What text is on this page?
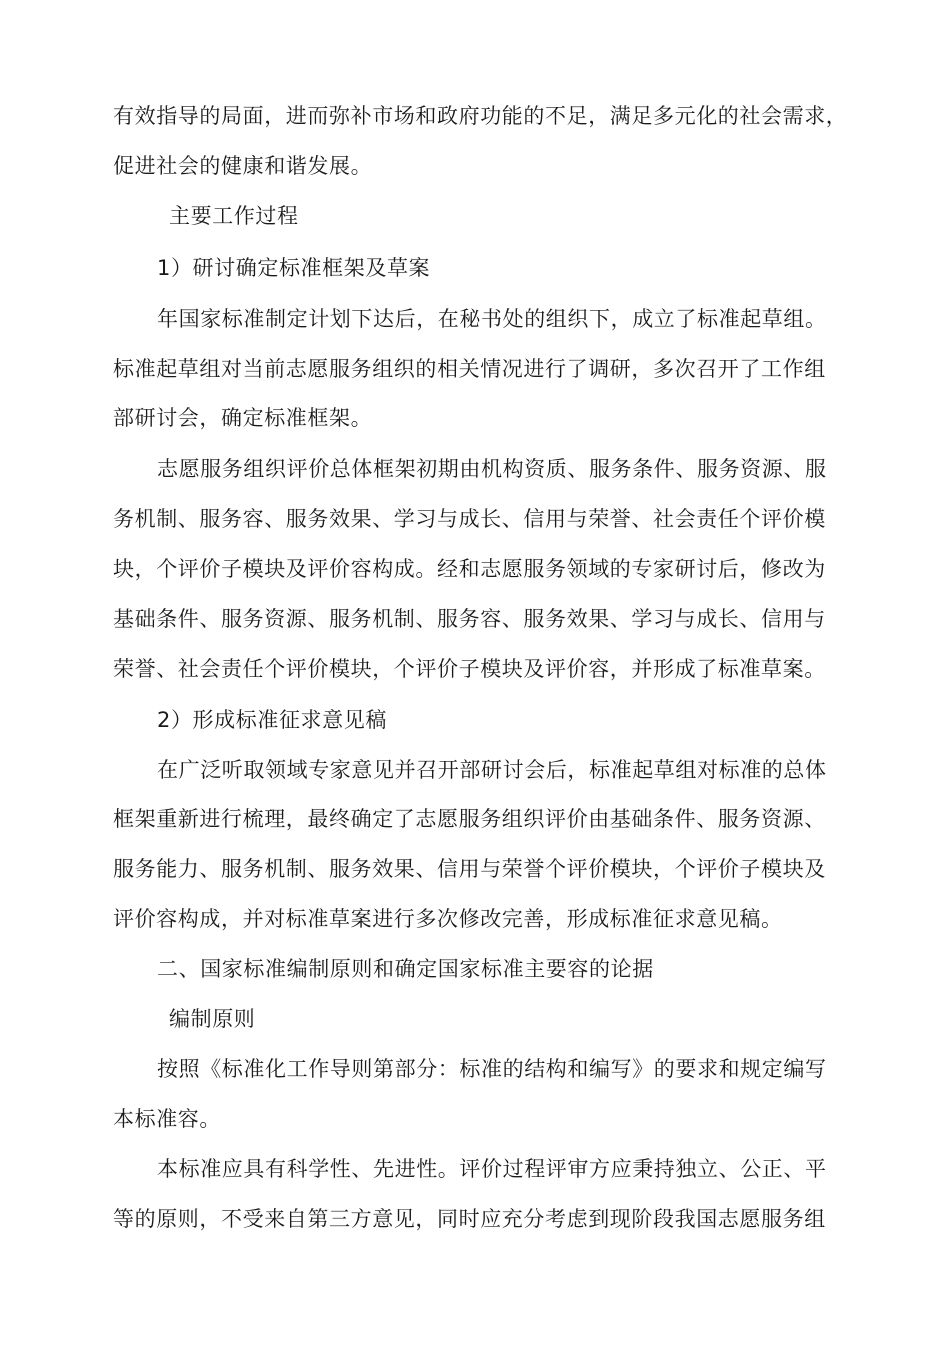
有效指导的局面，进而弥补市场和政府功能的不足，满足多元化的社会需求，
促进社会的健康和谐发展。
主要工作过程
1）研讨确定标准框架及草案
年国家标准制定计划下达后，在秘书处的组织下，成立了标准起草组。
标准起草组对当前志愿服务组织的相关情况进行了调研，多次召开了工作组
部研讨会，确定标准框架。
志愿服务组织评价总体框架初期由机构资质、服务条件、服务资源、服
务机制、服务容、服务效果、学习与成长、信用与荣誉、社会责任个评价模
块，个评价子模块及评价容构成。经和志愿服务领域的专家研讨后，修改为
基础条件、服务资源、服务机制、服务容、服务效果、学习与成长、信用与
荣誉、社会责任个评价模块，个评价子模块及评价容，并形成了标准草案。
2）形成标准征求意见稿
在广泛听取领域专家意见并召开部研讨会后，标准起草组对标准的总体
框架重新进行梳理，最终确定了志愿服务组织评价由基础条件、服务资源、
服务能力、服务机制、服务效果、信用与荣誉个评价模块，个评价子模块及
评价容构成，并对标准草案进行多次修改完善，形成标准征求意见稿。
二、国家标准编制原则和确定国家标准主要容的论据
编制原则
按照《标准化工作导则第部分：标准的结构和编写》的要求和规定编写
本标准容。
本标准应具有科学性、先进性。评价过程评审方应秉持独立、公正、平
等的原则，不受来自第三方意见，同时应充分考虑到现阶段我国志愿服务组
